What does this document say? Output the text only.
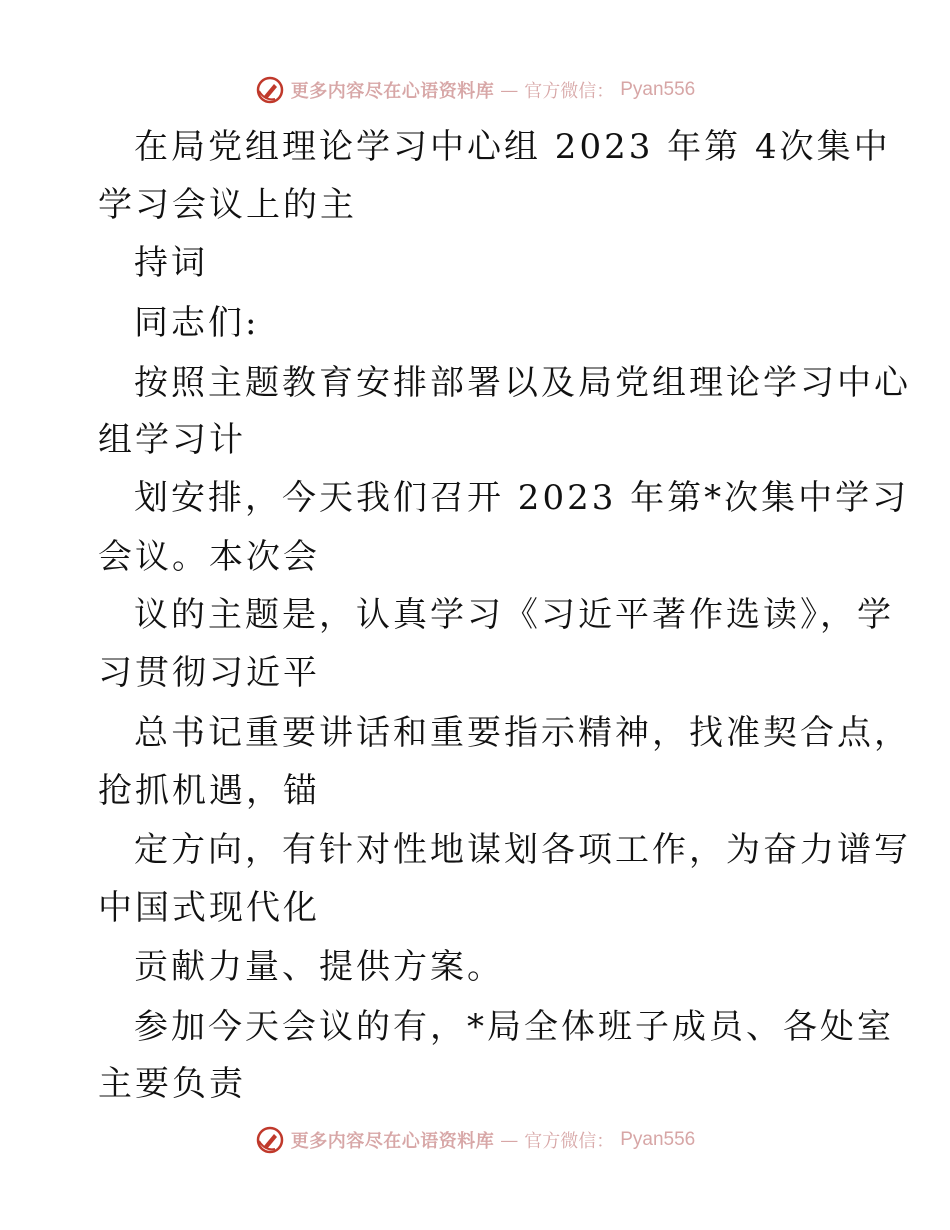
更多内容尽在心语资料库 — 官方微信： Pyan556
在局党组理论学习中心组 2023 年第 4次集中
学习会议上的主
持词
同志们:
按照主题教育安排部署以及局党组理论学习中心
组学习计
划安排，今天我们召开 2023 年第*次集中学习
会议。本次会
议的主题是，认真学习《习近平著作选读》，学
习贯彻习近平
总书记重要讲话和重要指示精神，找准契合点，
抢抓机遇，锚
定方向，有针对性地谋划各项工作，为奋力谱写
中国式现代化
贡献力量、提供方案。
参加今天会议的有，*局全体班子成员、各处室
主要负责
更多内容尽在心语资料库 — 官方微信： Pyan556
